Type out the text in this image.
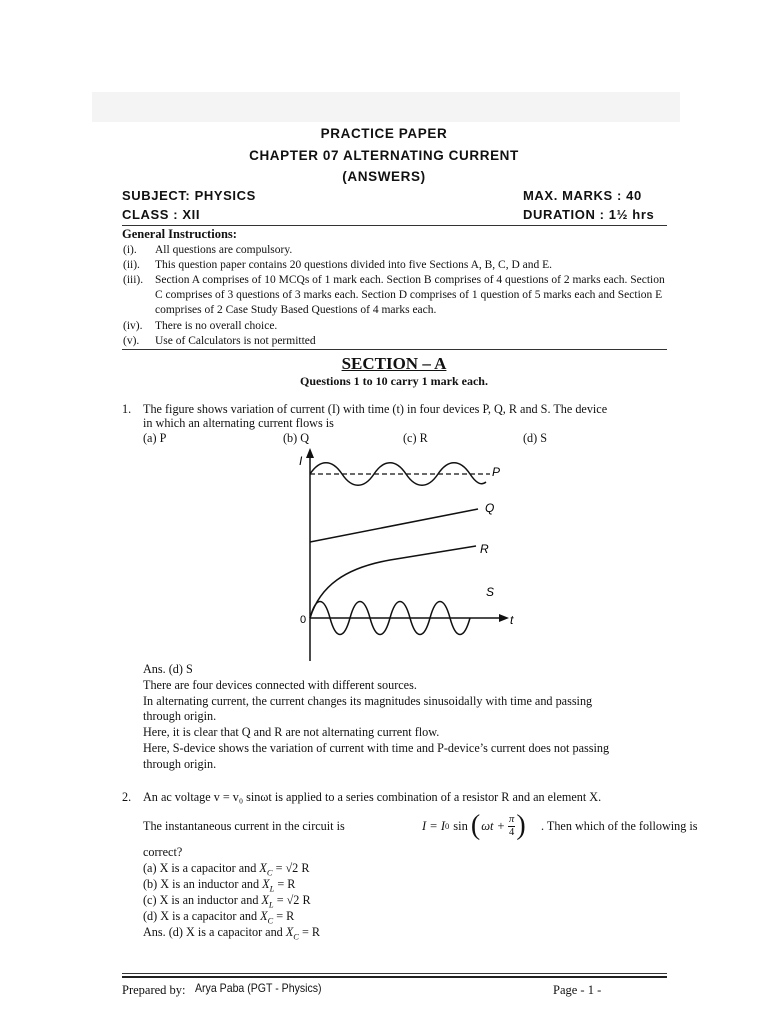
PRACTICE PAPER
CHAPTER 07 ALTERNATING CURRENT
(ANSWERS)
SUBJECT: PHYSICS	MAX. MARKS : 40
CLASS : XII	DURATION : 1½ hrs
General Instructions:
(i). All questions are compulsory.
(ii). This question paper contains 20 questions divided into five Sections A, B, C, D and E.
(iii).	Section A comprises of 10 MCQs of 1 mark each. Section B comprises of 4 questions of 2 marks each. Section C comprises of 3 questions of 3 marks each. Section D comprises of 1 question of 5 marks each and Section E comprises of 2 Case Study Based Questions of 4 marks each.
(iv). There is no overall choice.
(v). Use of Calculators is not permitted
SECTION – A
Questions 1 to 10 carry 1 mark each.
1. The figure shows variation of current (I) with time (t) in four devices P, Q, R and S. The device
in which an alternating current flows is
(a) P	(b) Q	(c) R	(d) S
I
t
0
P
Q
R
S
Ans. (d) S
There are four devices connected with different sources.
In alternating current, the current changes its magnitudes sinusoidally with time and passing
through origin.
Here, it is clear that Q and R are not alternating current flow.
Here, S-device shows the variation of current with time and P-device’s current does not passing
through origin.
2. An ac voltage v = v₀ sinωt is applied to a series combination of a resistor R and an element X.
The instantaneous current in the circuit is	I = I 0 sin ( $\omega t + \frac{\pi}{4}$ ) . Then which of the following is
correct?
(a) X is a capacitor and $X_C = √2$ R
(b) X is an inductor and $X_L = R$
(c) X is an inductor and $X_L = √2$ R
(d) X is a capacitor and $X_C = R$
Ans. (d) X is a capacitor and $X_C = R$
Prepared by: Arya Paba (PGT - Physics)	Page - 1 -
